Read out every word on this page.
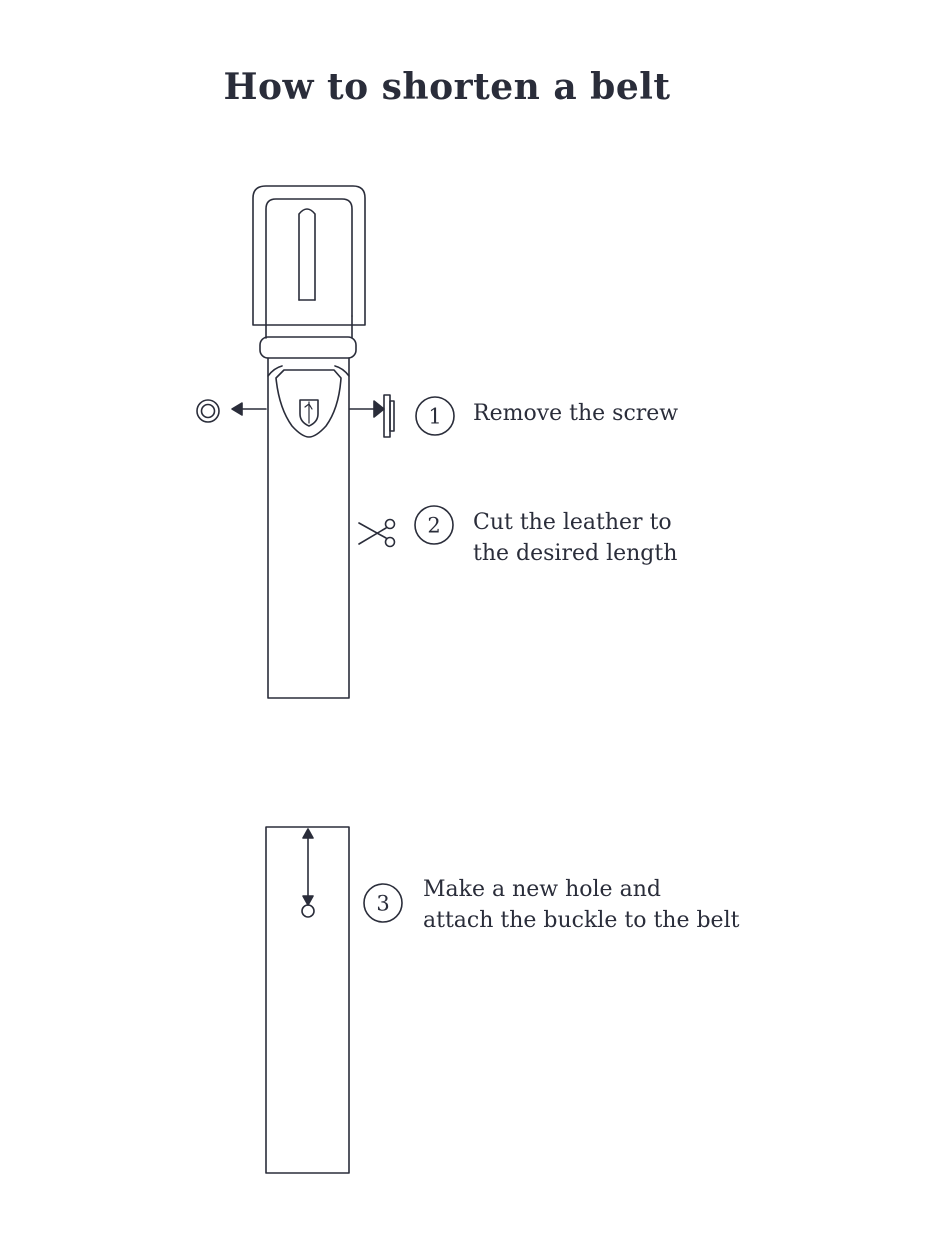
How to shorten a belt
1
2
3
Remove the screw
Cut the leather to
the desired length
Make a new hole and
attach the buckle to the belt
